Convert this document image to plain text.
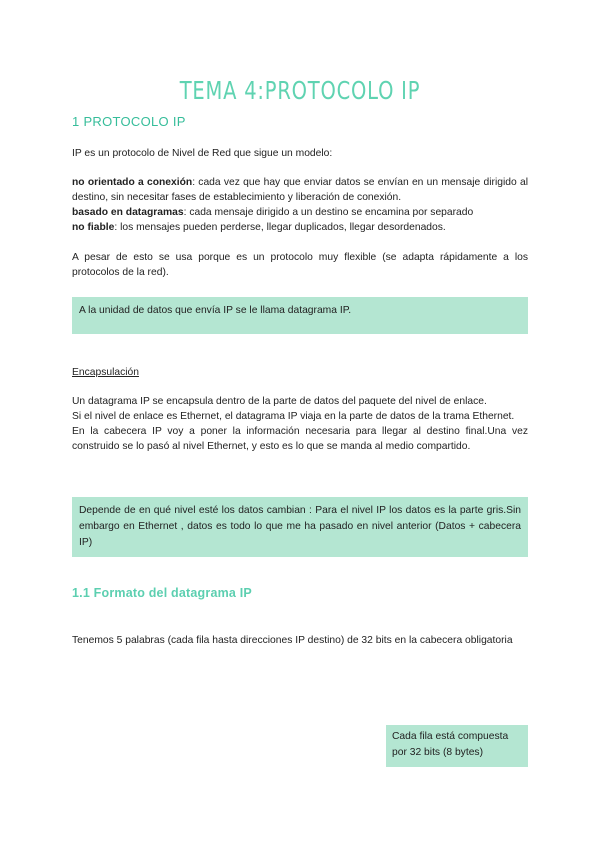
TEMA 4:PROTOCOLO IP
1 PROTOCOLO IP

IP es un protocolo de Nivel de Red que sigue un modelo:

no orientado a conexión: cada vez que hay que enviar datos se envían en un mensaje dirigido al destino, sin necesitar fases de establecimiento y liberación de conexión.
basado en datagramas: cada mensaje dirigido a un destino se encamina por separado
no fiable: los mensajes pueden perderse, llegar duplicados, llegar desordenados.

A pesar de esto se usa porque es un protocolo muy flexible (se adapta rápidamente a los protocolos de la red).

A la unidad de datos que envía IP se le llama datagrama IP.

Encapsulación

Un datagrama IP se encapsula dentro de la parte de datos del paquete del nivel de enlace.
Si el nivel de enlace es Ethernet, el datagrama IP viaja en la parte de datos de la trama Ethernet.
En la cabecera IP voy a poner la información necesaria para llegar al destino final.Una vez construido se lo pasó al nivel Ethernet, y esto es lo que se manda al medio compartido.

Depende de en qué nivel esté los datos cambian : Para el nivel IP los datos es la parte gris.Sin embargo en Ethernet , datos es todo lo que me ha pasado en nivel anterior (Datos + cabecera IP)
1.1 Formato del datagrama IP

Tenemos 5 palabras (cada fila hasta direcciones IP destino) de 32 bits en la cabecera obligatoria

Cada fila está compuesta
por 32 bits (8 bytes)
